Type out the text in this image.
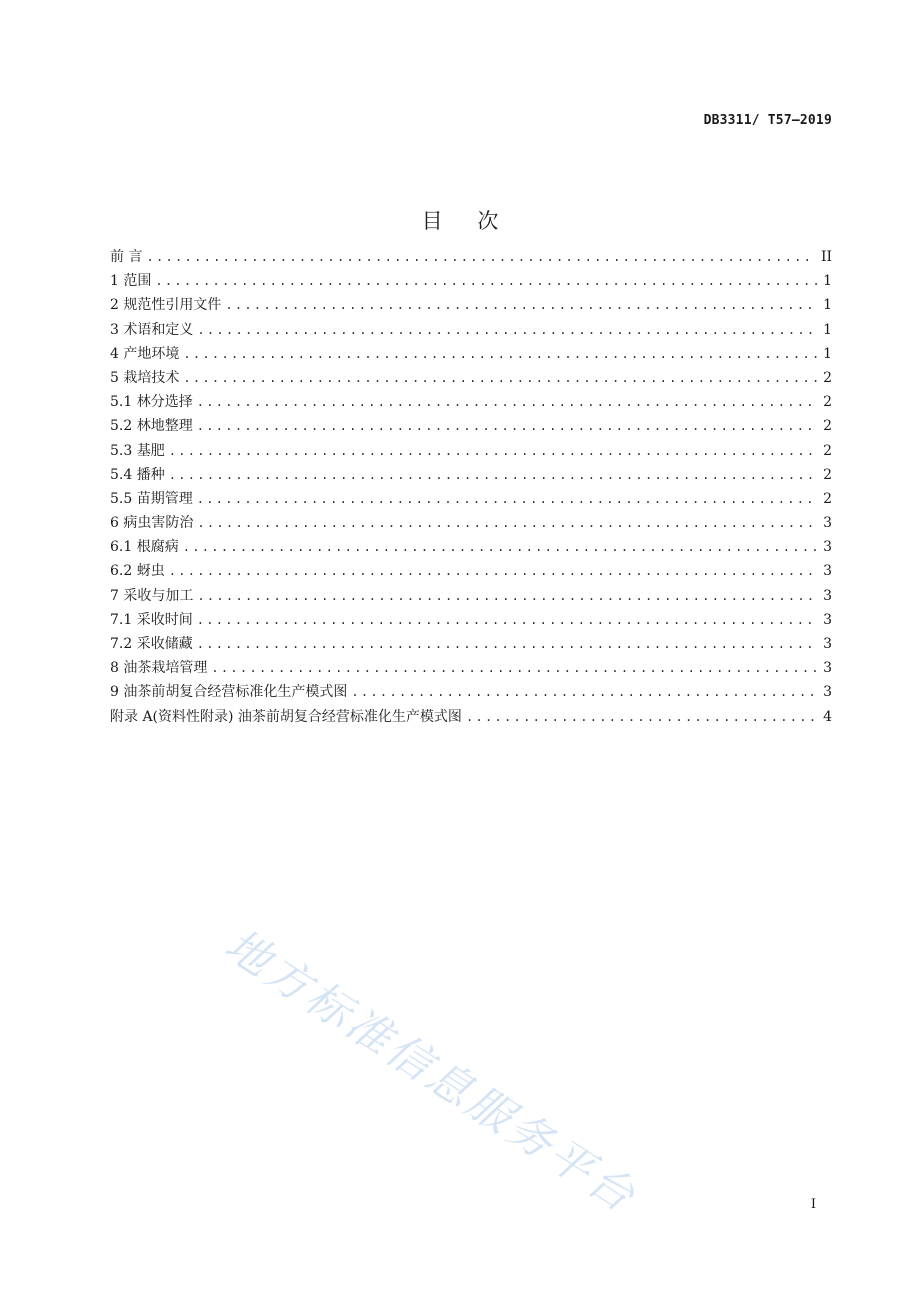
DB3311/ T57—2019
目 次
前 言 .....	II
1 范围 .....	1
2 规范性引用文件 .....	1
3 术语和定义 .....	1
4 产地环境 .....	1
5 栽培技术 .....	2
5.1 林分选择 .....	2
5.2 林地整理 .....	2
5.3 基肥 .....	2
5.4 播种 .....	2
5.5 苗期管理 .....	2
6 病虫害防治 .....	3
6.1 根腐病 .....	3
6.2 蚜虫 .....	3
7 采收与加工 .....	3
7.1 采收时间 .....	3
7.2 采收储藏 .....	3
8 油茶栽培管理 .....	3
9 油茶前胡复合经营标准化生产模式图 .....	3
附录 A(资料性附录) 油茶前胡复合经营标准化生产模式图 .....	4
地方标准信息服务平台	I
